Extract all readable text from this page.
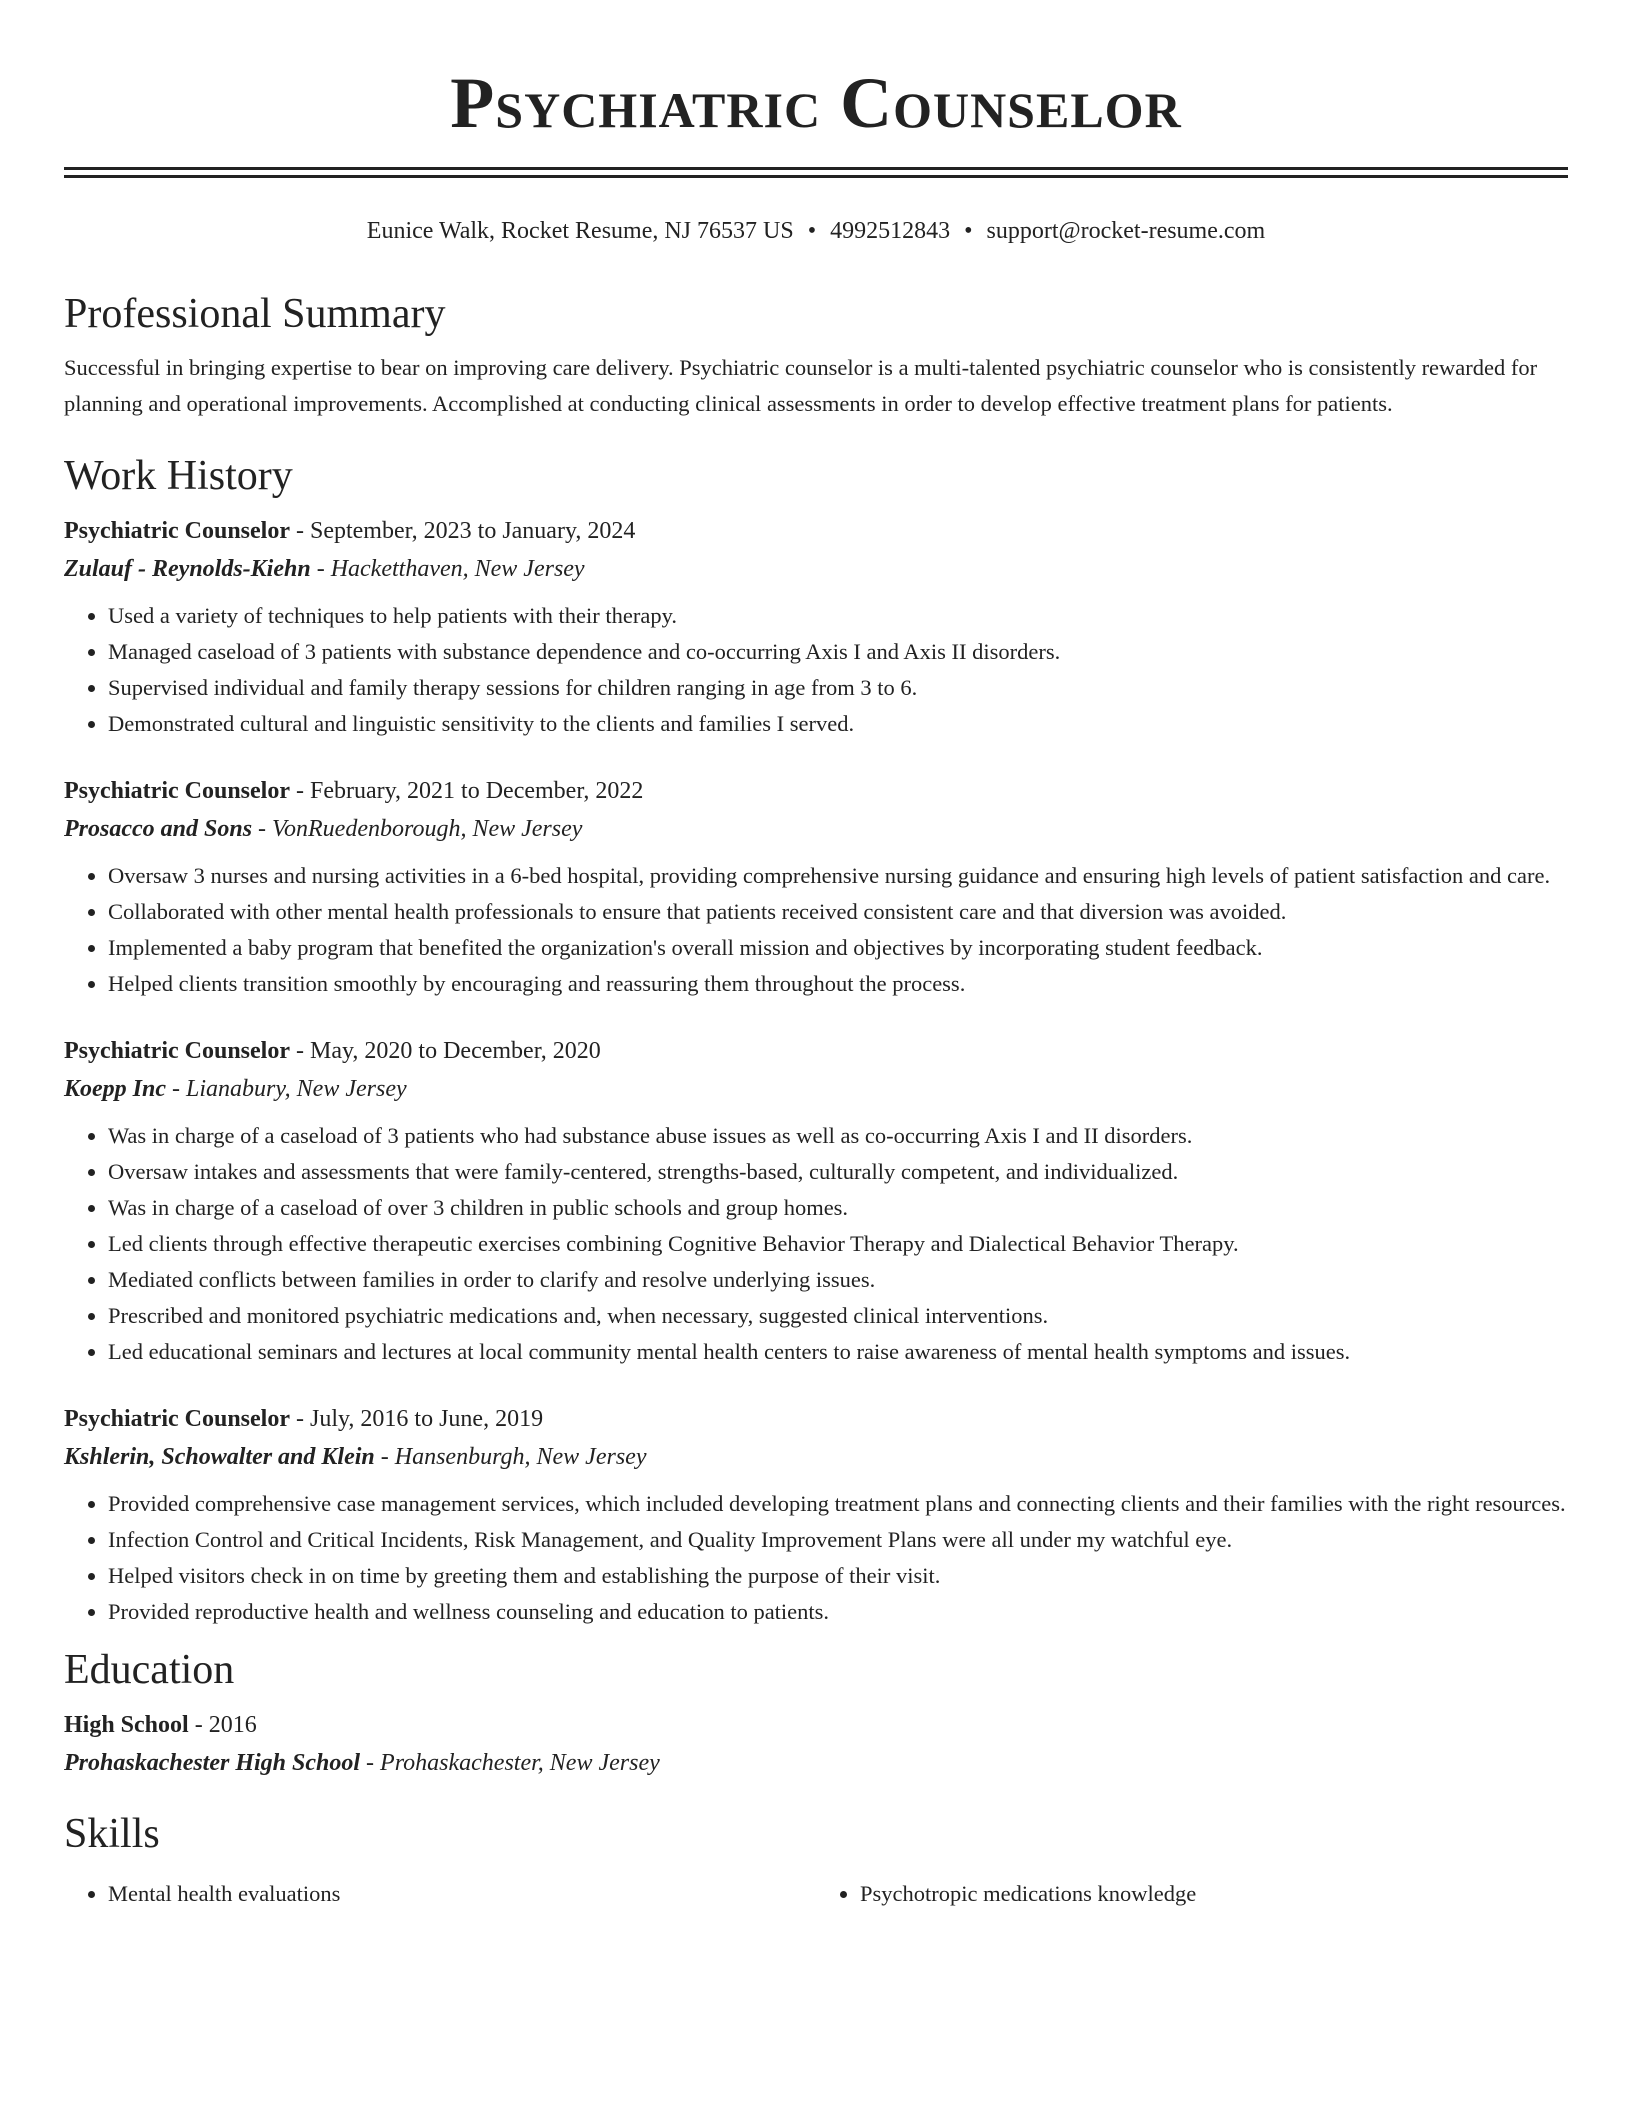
Psychiatric Counselor
Eunice Walk, Rocket Resume, NJ 76537 US • 4992512843 • support@rocket-resume.com
Professional Summary

Successful in bringing expertise to bear on improving care delivery. Psychiatric counselor is a multi-talented psychiatric counselor who is consistently rewarded for planning and operational improvements. Accomplished at conducting clinical assessments in order to develop effective treatment plans for patients.

Work History
Psychiatric Counselor - September, 2023 to January, 2024
Zulauf - Reynolds-Kiehn - Hacketthaven, New Jersey
• Used a variety of techniques to help patients with their therapy.
• Managed caseload of 3 patients with substance dependence and co-occurring Axis I and Axis II disorders.
• Supervised individual and family therapy sessions for children ranging in age from 3 to 6.
• Demonstrated cultural and linguistic sensitivity to the clients and families I served.
Psychiatric Counselor - February, 2021 to December, 2022
Prosacco and Sons - VonRuedenborough, New Jersey
• Oversaw 3 nurses and nursing activities in a 6-bed hospital, providing comprehensive nursing guidance and ensuring high levels of patient satisfaction and care.
• Collaborated with other mental health professionals to ensure that patients received consistent care and that diversion was avoided.
• Implemented a baby program that benefited the organization's overall mission and objectives by incorporating student feedback.
• Helped clients transition smoothly by encouraging and reassuring them throughout the process.
Psychiatric Counselor - May, 2020 to December, 2020
Koepp Inc - Lianabury, New Jersey
• Was in charge of a caseload of 3 patients who had substance abuse issues as well as co-occurring Axis I and II disorders.
• Oversaw intakes and assessments that were family-centered, strengths-based, culturally competent, and individualized.
• Was in charge of a caseload of over 3 children in public schools and group homes.
• Led clients through effective therapeutic exercises combining Cognitive Behavior Therapy and Dialectical Behavior Therapy.
• Mediated conflicts between families in order to clarify and resolve underlying issues.
• Prescribed and monitored psychiatric medications and, when necessary, suggested clinical interventions.
• Led educational seminars and lectures at local community mental health centers to raise awareness of mental health symptoms and issues.
Psychiatric Counselor - July, 2016 to June, 2019
Kshlerin, Schowalter and Klein - Hansenburgh, New Jersey
• Provided comprehensive case management services, which included developing treatment plans and connecting clients and their families with the right resources.
• Infection Control and Critical Incidents, Risk Management, and Quality Improvement Plans were all under my watchful eye.
• Helped visitors check in on time by greeting them and establishing the purpose of their visit.
• Provided reproductive health and wellness counseling and education to patients.
Education
High School - 2016
Prohaskachester High School - Prohaskachester, New Jersey
Skills
• Mental health evaluations
•	Psychotropic medications knowledge
